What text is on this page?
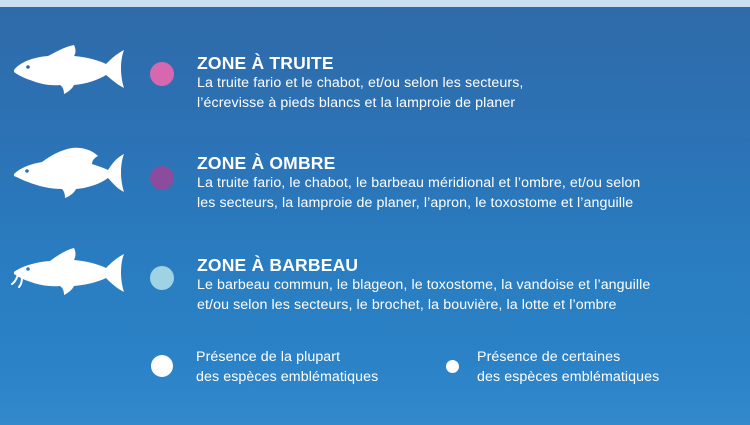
ZONE À TRUITE

La truite fario et le chabot, et/ou selon les secteurs,

l’écrevisse à pieds blancs et la lamproie de planer

ZONE À OMBRE

La truite fario, le chabot, le barbeau méridional et l’ombre, et/ou selon

les secteurs, la lamproie de planer, l’apron, le toxostome et l’anguille

ZONE À BARBEAU

Le barbeau commun, le blageon, le toxostome, la vandoise et l’anguille

et/ou selon les secteurs, le brochet, la bouvière, la lotte et l’ombre

Présence de la plupart
des espèces emblématiques
Présence de certaines
des espèces emblématiques
